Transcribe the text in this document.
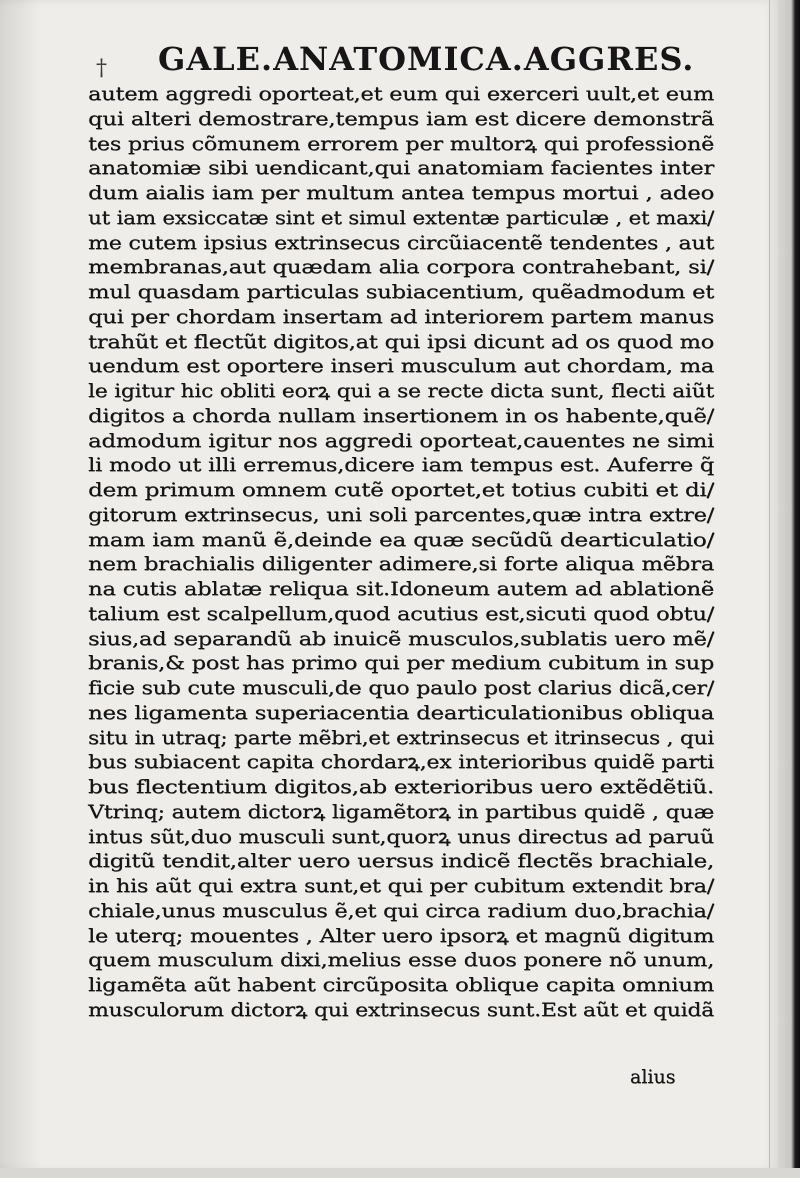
† GALE.ANATOMICA.AGGRES.
autem aggredi oporteat,et eum qui exerceri uult,et eum
qui alteri demostrare,tempus iam est dicere demonstrã
tes prius cõmunem errorem per multorꝝ qui professionẽ
anatomiæ sibi uendicant,qui anatomiam facientes inter
dum aialis iam per multum antea tempus mortui , adeo
ut iam exsiccatæ sint et simul extentæ particulæ , et maxi/
me cutem ipsius extrinsecus circũiacentẽ tendentes , aut
membranas,aut quædam alia corpora contrahebant, si/
mul quasdam particulas subiacentium, quẽadmodum et
qui per chordam insertam ad interiorem partem manus
trahũt et flectũt digitos,at qui ipsi dicunt ad os quod mo
uendum est oportere inseri musculum aut chordam, ma
le igitur hic obliti eorꝝ qui a se recte dicta sunt, flecti aiũt
digitos a chorda nullam insertionem in os habente,quẽ/
admodum igitur nos aggredi oporteat,cauentes ne simi
li modo ut illi erremus,dicere iam tempus est. Auferre q̃
dem primum omnem cutẽ oportet,et totius cubiti et di/
gitorum extrinsecus, uni soli parcentes,quæ intra extre/
mam iam manũ ẽ,deinde ea quæ secũdũ dearticulatio/
nem brachialis diligenter adimere,si forte aliqua mẽbra
na cutis ablatæ reliqua sit.Idoneum autem ad ablationẽ
talium est scalpellum,quod acutius est,sicuti quod obtu/
sius,ad separandũ ab inuicẽ musculos,sublatis uero mẽ/
branis,& post has primo qui per medium cubitum in sup
ficie sub cute musculi,de quo paulo post clarius dicã,cer/
nes ligamenta superiacentia dearticulationibus obliqua
situ in utraq; parte mẽbri,et extrinsecus et itrinsecus , qui
bus subiacent capita chordarꝝ,ex interioribus quidẽ parti
bus flectentium digitos,ab exterioribus uero extẽdẽtiũ.
Vtrinq; autem dictorꝝ ligamẽtorꝝ in partibus quidẽ , quæ
intus sũt,duo musculi sunt,quorꝝ unus directus ad paruũ
digitũ tendit,alter uero uersus indicẽ flectẽs brachiale,
in his aũt qui extra sunt,et qui per cubitum extendit bra/
chiale,unus musculus ẽ,et qui circa radium duo,brachia/
le uterq; mouentes , Alter uero ipsorꝝ et magnũ digitum
quem musculum dixi,melius esse duos ponere nõ unum,
ligamẽta aũt habent circũposita oblique capita omnium
musculorum dictorꝝ qui extrinsecus sunt.Est aũt et quidã
alius
